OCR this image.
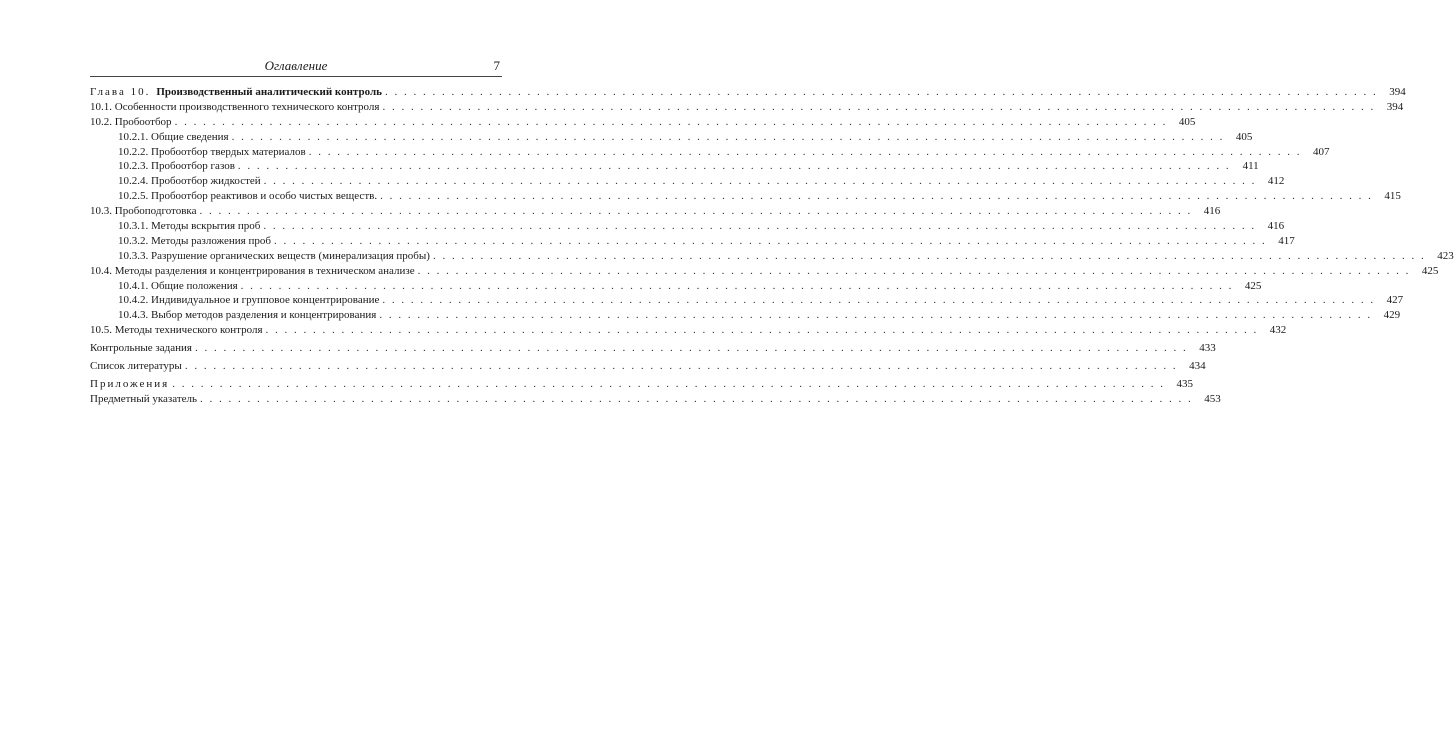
Оглавление	7
Глава 10. Производственный аналитический контроль . . .	394
10.1. Особенности производственного технического контроля . . .	394
10.2. Пробоотбор . . .	405
10.2.1. Общие сведения . . .	405
10.2.2. Пробоотбор твердых материалов . . .	407
10.2.3. Пробоотбор газов . . .	411
10.2.4. Пробоотбор жидкостей . . .	412
10.2.5. Пробоотбор реактивов и особо чистых веществ. . . .	415
10.3. Пробоподготовка . . .	416
10.3.1. Методы вскрытия проб . . .	416
10.3.2. Методы разложения проб . . .	417
10.3.3. Разрушение органических веществ (минерализация пробы) . . .	423
10.4. Методы разделения и концентрирования в техническом анализе . . .	425
10.4.1. Общие положения . . .	425
10.4.2. Индивидуальное и групповое концентрирование . . .	427
10.4.3. Выбор методов разделения и концентрирования . . .	429
10.5. Методы технического контроля . . .	432
Контрольные задания . . .	433
Список литературы . . .	434
Приложения . . .	435
Предметный указатель . . .	453
